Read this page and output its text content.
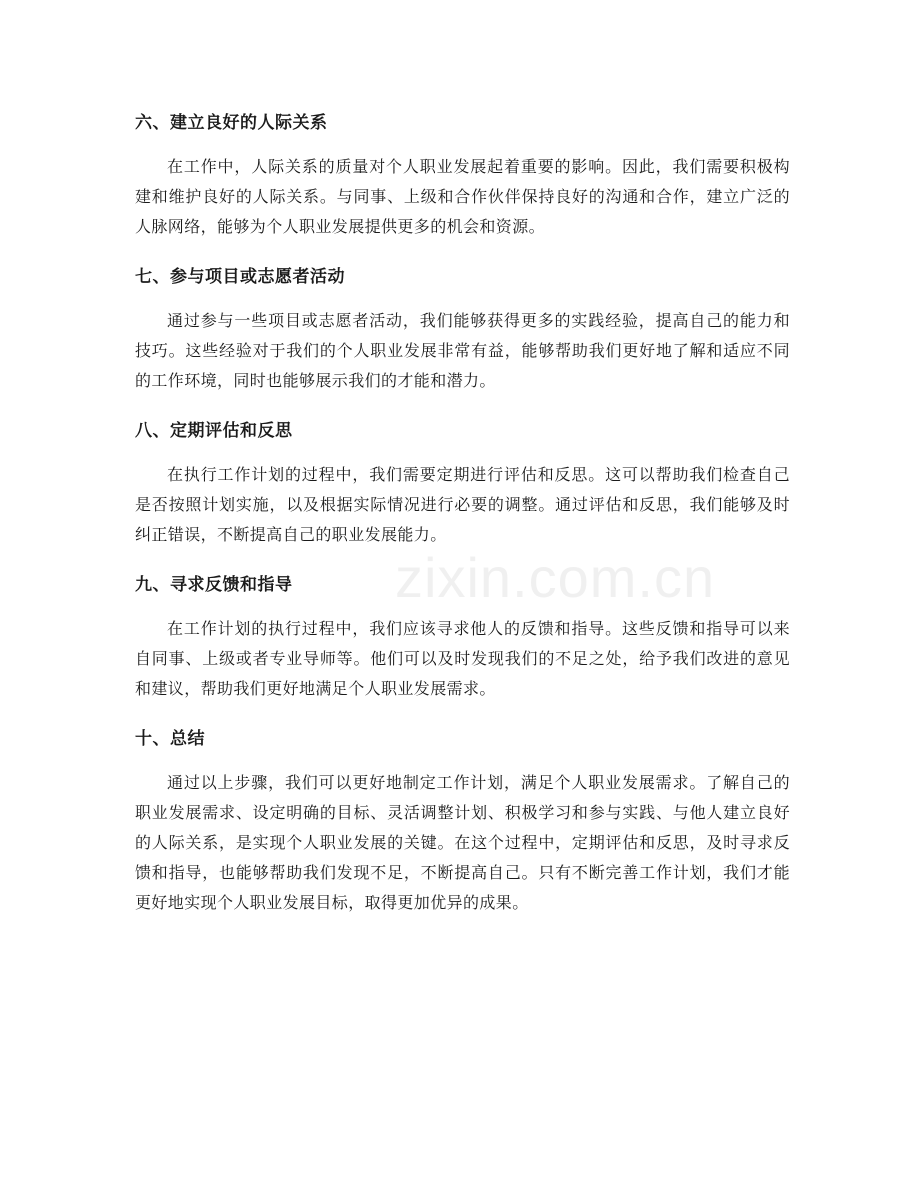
六、建立良好的人际关系

在工作中，人际关系的质量对个人职业发展起着重要的影响。因此，我们需要积极构建和维护良好的人际关系。与同事、上级和合作伙伴保持良好的沟通和合作，建立广泛的人脉网络，能够为个人职业发展提供更多的机会和资源。

七、参与项目或志愿者活动

通过参与一些项目或志愿者活动，我们能够获得更多的实践经验，提高自己的能力和技巧。这些经验对于我们的个人职业发展非常有益，能够帮助我们更好地了解和适应不同的工作环境，同时也能够展示我们的才能和潜力。

八、定期评估和反思

在执行工作计划的过程中，我们需要定期进行评估和反思。这可以帮助我们检查自己是否按照计划实施，以及根据实际情况进行必要的调整。通过评估和反思，我们能够及时纠正错误，不断提高自己的职业发展能力。

九、寻求反馈和指导

在工作计划的执行过程中，我们应该寻求他人的反馈和指导。这些反馈和指导可以来自同事、上级或者专业导师等。他们可以及时发现我们的不足之处，给予我们改进的意见和建议，帮助我们更好地满足个人职业发展需求。

十、总结

通过以上步骤，我们可以更好地制定工作计划，满足个人职业发展需求。了解自己的职业发展需求、设定明确的目标、灵活调整计划、积极学习和参与实践、与他人建立良好的人际关系，是实现个人职业发展的关键。在这个过程中，定期评估和反思，及时寻求反馈和指导，也能够帮助我们发现不足，不断提高自己。只有不断完善工作计划，我们才能更好地实现个人职业发展目标，取得更加优异的成果。

zixin.com.cn
